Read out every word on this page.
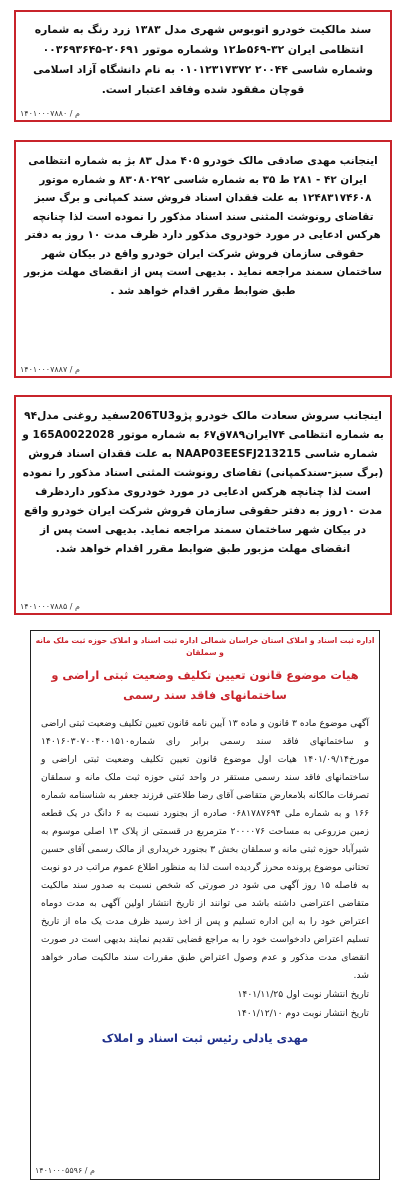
سند مالکیت خودرو اتوبوس شهری مدل ۱۳۸۳ زرد رنگ به شماره انتظامی ایران ۳۲-۵۶۹ط۱۲ وشماره موتور ۲۰۶۹۱-۰۰۳۶۹۳۶۴۵ وشماره شاسی ۲۰۰۴۴ ۰۱۰۱۲۳۱۷۳۷۲ به نام دانشگاه آزاد اسلامی قوچان مفقود شده وفاقد اعتبار است.
۱۴۰۱۰۰۰۷۸۸۰ / م
اینجانب مهدی صادقی مالک خودرو ۴۰۵ مدل ۸۳ بژ به شماره انتظامی ایران ۴۲ - ۲۸۱ ط ۳۵ به شماره شاسی ۸۳۰۸۰۲۹۲ و شماره موتور ۱۲۴۸۳۱۷۴۶۰۸ به علت فقدان اسناد فروش سند کمپانی و برگ سبز تقاضای رونوشت المثنی سند اسناد مذکور را نموده است لذا چنانچه هرکس ادعایی در مورد خودروی مذکور دارد ظرف مدت ۱۰ روز به دفتر حقوقی سازمان فروش شرکت ایران خودرو واقع در بیکان شهر ساختمان سمند مراجعه نماید . بدیهی است پس از انقضای مهلت مزبور طبق ضوابط مقرر اقدام خواهد شد .
۱۴۰۱۰۰۰۷۸۸۷ / م
اینجانب سروش سعادت مالک خودرو پژو206TU3سفید روغنی مدل۹۴ به شماره انتظامی ۷۴ایران۷۸۹ق۶۷ به شماره موتور 165A0022028 و شماره شاسی NAAP03EESFJ213215 به علت فقدان اسناد فروش (برگ سبز-سندکمپانی) تقاضای رونوشت المثنی اسناد مذکور را نموده است لذا چنانچه هرکس ادعایی در مورد خودروی مذکور داردظرف مدت ۱۰روز به دفتر حقوقی سازمان فروش شرکت ایران خودرو واقع در بیکان شهر ساختمان سمند مراجعه نماید. بدیهی است پس از انقضای مهلت مزبور طبق ضوابط مقرر اقدام خواهد شد.
۱۴۰۱۰۰۰۷۸۸۵ / م
اداره ثبت اسناد و املاک استان خراسان شمالی اداره ثبت اسناد و املاک حوزه ثبت ملک مانه و سملقان
هیات موضوع قانون تعیین تکلیف وضعیت ثبتی اراضی و ساختمانهای فاقد سند رسمی
آگهی موضوع ماده ۳ قانون و ماده ۱۳ آیین نامه قانون تعیین تکلیف وضعیت ثبتی اراضی و ساختمانهای فاقد سند رسمی برابر رای شماره۱۴۰۱۶۰۳۰۷۰۰۴۰۰۱۵۱۰ مورخ۱۴۰۱/۰۹/۱۴ هیات اول موضوع قانون تعیین تکلیف وضعیت ثبتی اراضی و ساختمانهای فاقد سند رسمی مستقر در واحد ثبتی حوزه ثبت ملک مانه و سملقان تصرفات مالکانه بلامعارض متقاضی آقای رضا طلاعتی فرزند جعفر به شناسنامه شماره ۱۶۶ و به شماره ملی ۰۶۸۱۷۸۷۶۹۴ صادره از بجنورد نسبت به ۶ دانگ در یک قطعه زمین مزروعی به مساحت ۲۰۰۰۰۷۶ مترمربع در قسمتی از پلاک ۱۳ اصلی موسوم به شیرآباد حوزه ثبتی مانه و سملقان بخش ۳ بجنورد خریداری از مالک رسمی آقای حسین تحتانی موضوع پرونده محرز گردیده است لذا به منظور اطلاع عموم مراتب در دو نوبت به فاصله ۱۵ روز آگهی می شود در صورتی که شخص نسبت به صدور سند مالکیت متقاضی اعتراضی داشته باشد می توانند از تاریخ انتشار اولین آگهی به مدت دوماه اعتراض خود را به این اداره تسلیم و پس از اخذ رسید ظرف مدت یک ماه از تاریخ تسلیم اعتراض دادخواست خود را به مراجع قضایی تقدیم نمایند بدیهی است در صورت انقضای مدت مذکور و عدم وصول اعتراض طبق مقررات سند مالکیت صادر خواهد شد.
تاریخ انتشار نوبت اول ۱۴۰۱/۱۱/۲۵
تاریخ انتشار نوبت دوم ۱۴۰۱/۱۲/۱۰
مهدی یادلی رئیس ثبت اسناد و املاک
۱۴۰۱۰۰۰۵۵۹۶ / م
